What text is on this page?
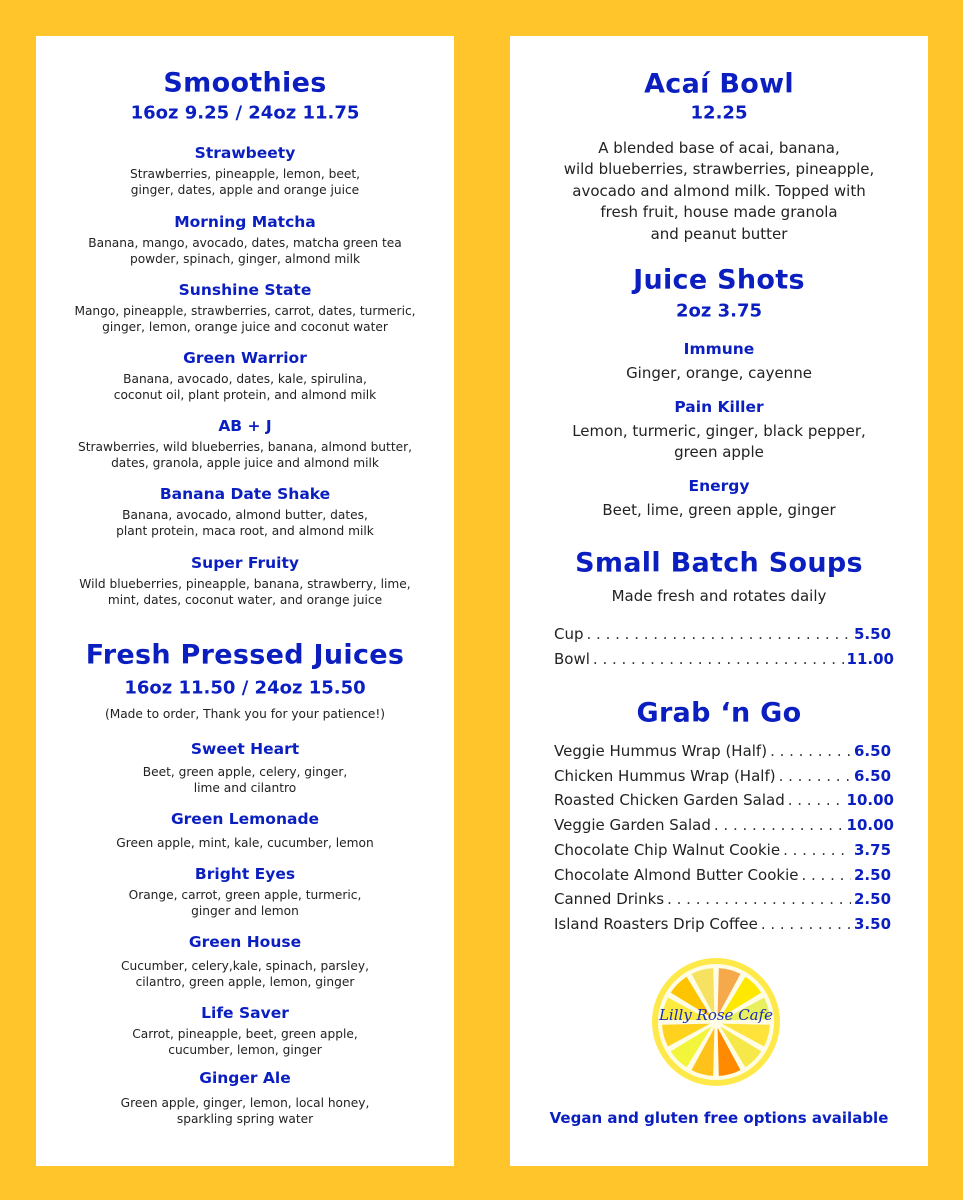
Smoothies
16oz 9.25 / 24oz 11.75
Strawbeety
Strawberries, pineapple, lemon, beet,
ginger, dates, apple and orange juice
Morning Matcha
Banana, mango, avocado, dates, matcha green tea
powder, spinach, ginger, almond milk
Sunshine State
Mango, pineapple, strawberries, carrot, dates, turmeric,
ginger, lemon, orange juice and coconut water
Green Warrior
Banana, avocado, dates, kale, spirulina,
coconut oil, plant protein, and almond milk
AB + J
Strawberries, wild blueberries, banana, almond butter,
dates, granola, apple juice and almond milk
Banana Date Shake
Banana, avocado, almond butter, dates,
plant protein, maca root, and almond milk
Super Fruity
Wild blueberries, pineapple, banana, strawberry, lime,
mint, dates, coconut water, and orange juice
Fresh Pressed Juices
16oz 11.50 / 24oz 15.50
(Made to order, Thank you for your patience!)
Sweet Heart
Beet, green apple, celery, ginger,
lime and cilantro
Green Lemonade
Green apple, mint, kale, cucumber, lemon
Bright Eyes
Orange, carrot, green apple, turmeric,
ginger and lemon
Green House
Cucumber, celery,kale, spinach, parsley,
cilantro, green apple, lemon, ginger
Life Saver
Carrot, pineapple, beet, green apple,
cucumber, lemon, ginger
Ginger Ale
Green apple, ginger, lemon, local honey,
sparkling spring water
Lilly Rose Cafe
Acaí Bowl
12.25
A blended base of acai, banana,
wild blueberries, strawberries, pineapple,
avocado and almond milk. Topped with
fresh fruit, house made granola
and peanut butter
Juice Shots
2oz 3.75
Immune
Ginger, orange, cayenne
Pain Killer
Lemon, turmeric, ginger, black pepper,
green apple
Energy
Beet, lime, green apple, ginger
Small Batch Soups
Made fresh and rotates daily
Cup . . .	5.50
Bowl . . .	11.00
Grab ‘n Go
Veggie Hummus Wrap (Half) . . .	6.50
Chicken Hummus Wrap (Half) . . .	6.50
Roasted Chicken Garden Salad . . .	10.00
Veggie Garden Salad . . .	10.00
Chocolate Chip Walnut Cookie . . .	3.75
Chocolate Almond Butter Cookie . . .	2.50
Canned Drinks . . .	2.50
Island Roasters Drip Coffee . . .	3.50
Vegan and gluten free options available
